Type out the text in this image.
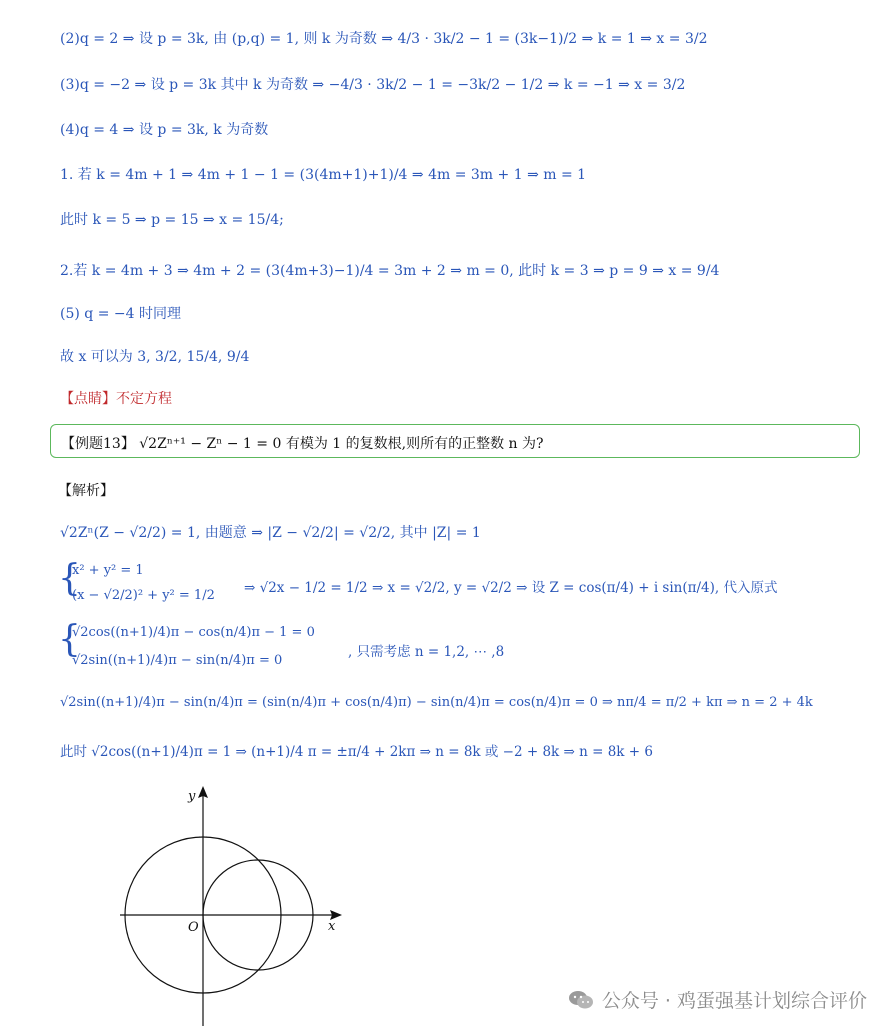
(2)q = 2 ⇒ 设 p = 3k, 由 (p,q) = 1, 则 k 为奇数 ⇒ 4/3 · 3k/2 − 1 = (3k−1)/2 ⇒ k = 1 ⇒ x = 3/2
(3)q = −2 ⇒ 设 p = 3k 其中 k 为奇数 ⇒ −4/3 · 3k/2 − 1 = −3k/2 − 1/2 ⇒ k = −1 ⇒ x = 3/2
(4)q = 4 ⇒ 设 p = 3k, k 为奇数
1. 若 k = 4m + 1 ⇒ 4m + 1 − 1 = (3(4m+1)+1)/4 ⇒ 4m = 3m + 1 ⇒ m = 1
此时 k = 5 ⇒ p = 15 ⇒ x = 15/4;
2.若 k = 4m + 3 ⇒ 4m + 2 = (3(4m+3)−1)/4 = 3m + 2 ⇒ m = 0, 此时 k = 3 ⇒ p = 9 ⇒ x = 9/4
(5) q = −4 时同理
故 x 可以为 3, 3/2, 15/4, 9/4
【点睛】不定方程
【例题13】 √2Zⁿ⁺¹ − Zⁿ − 1 = 0 有模为 1 的复数根,则所有的正整数 n 为?
【解析】
√2Zⁿ(Z − √2/2) = 1, 由题意 ⇒ |Z − √2/2| = √2/2, 其中 |Z| = 1
{
x² + y² = 1
(x − √2/2)² + y² = 1/2 ⇒ √2x − 1/2 = 1/2 ⇒ x = √2/2, y = √2/2 ⇒ 设 Z = cos(π/4) + i sin(π/4), 代入原式
{
√2cos((n+1)/4)π − cos(n/4)π − 1 = 0
√2sin((n+1)/4)π − sin(n/4)π = 0
, 只需考虑 n = 1,2, ⋯ ,8
√2sin((n+1)/4)π − sin(n/4)π = (sin(n/4)π + cos(n/4)π) − sin(n/4)π = cos(n/4)π = 0 ⇒ nπ/4 = π/2 + kπ ⇒ n = 2 + 4k
此时 √2cos((n+1)/4)π = 1 ⇒ (n+1)/4 π = ±π/4 + 2kπ ⇒ n = 8k 或 −2 + 8k ⇒ n = 8k + 6
y
x
O
公众号 · 鸡蛋强基计划综合评价
